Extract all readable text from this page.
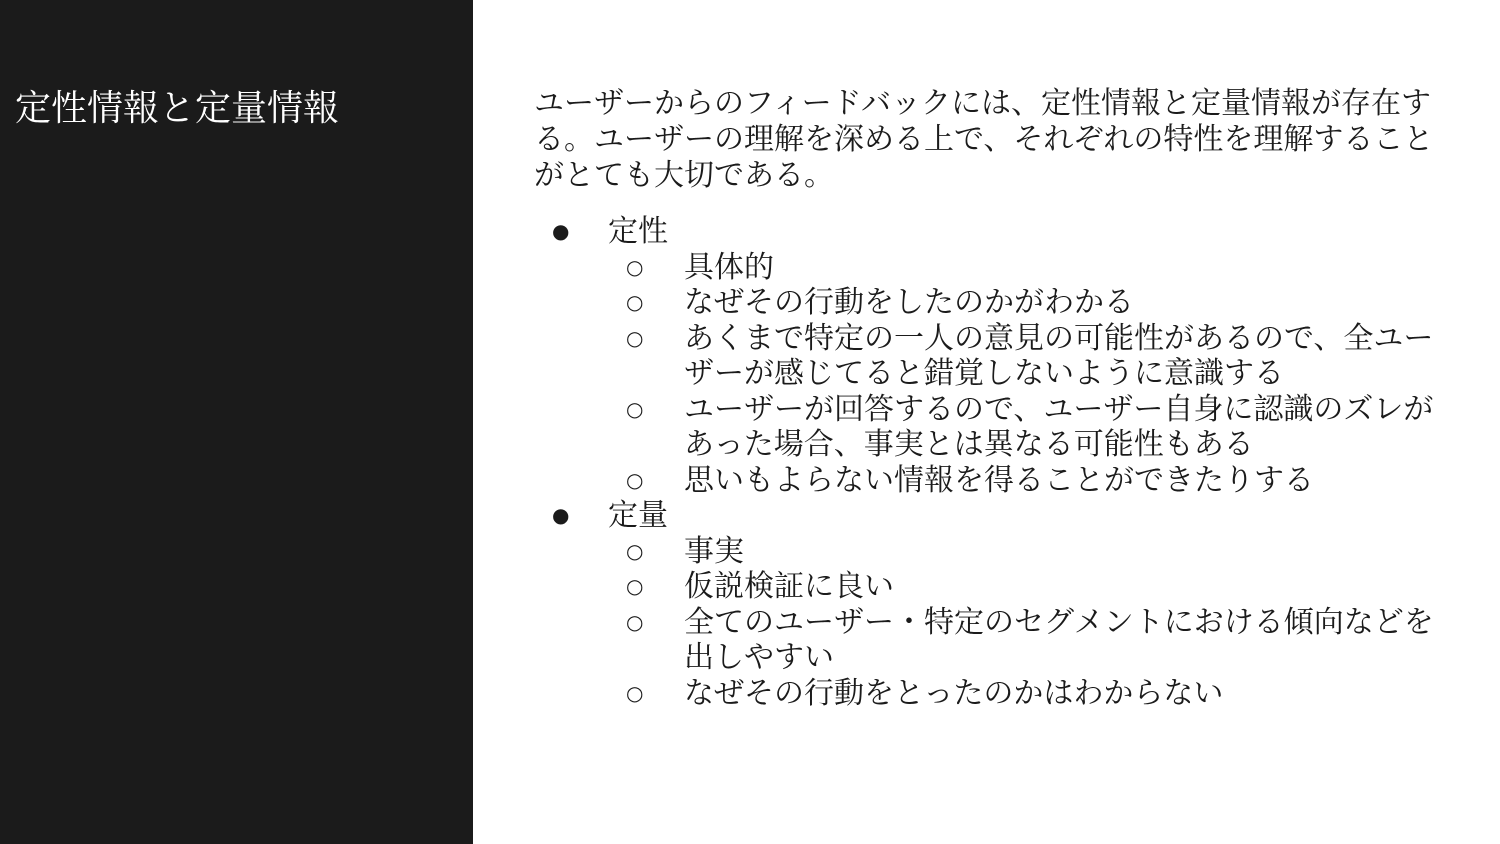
定性情報と定量情報	ユーザーからのフィードバックには、定性情報と定量情報が存在する。ユーザーの理解を深める上で、それぞれの特性を理解することがとても大切である。

● 定性
○ 具体的
○ なぜその行動をしたのかがわかる
○ あくまで特定の一人の意見の可能性があるので、全ユーザーが感じてると錯覚しないように意識する
○ ユーザーが回答するので、ユーザー自身に認識のズレがあった場合、事実とは異なる可能性もある
○ 思いもよらない情報を得ることができたりする
● 定量
○ 事実
○ 仮説検証に良い
○ 全てのユーザー・特定のセグメントにおける傾向などを出しやすい
○ なぜその行動をとったのかはわからない
